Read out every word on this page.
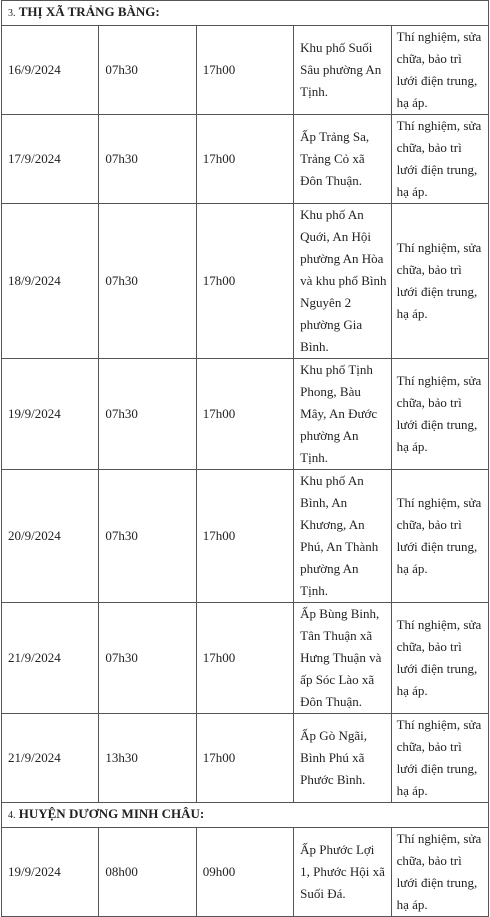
3. THỊ XÃ TRẢNG BÀNG:				
16/9/2024	07h30	17h00	Khu phố Suối Sâu phường An Tịnh.	Thí nghiệm, sửa chữa, bảo trì lưới điện trung, hạ áp.
17/9/2024	07h30	17h00	Ấp Trảng Sa, Trảng Cỏ xã Đôn Thuận.	Thí nghiệm, sửa chữa, bảo trì lưới điện trung, hạ áp.
18/9/2024	07h30	17h00	Khu phố An Quới, An Hội phường An Hòa và khu phố Bình Nguyên 2 phường Gia Bình.	Thí nghiệm, sửa chữa, bảo trì lưới điện trung, hạ áp.
19/9/2024	07h30	17h00	Khu phố Tịnh Phong, Bàu Mây, An Đước phường An Tịnh.	Thí nghiệm, sửa chữa, bảo trì lưới điện trung, hạ áp.
20/9/2024	07h30	17h00	Khu phố An Bình, An Khương, An Phú, An Thành phường An Tịnh.	Thí nghiệm, sửa chữa, bảo trì lưới điện trung, hạ áp.
21/9/2024	07h30	17h00	Ấp Bùng Binh, Tân Thuận xã Hưng Thuận và ấp Sóc Lào xã Đôn Thuận.	Thí nghiệm, sửa chữa, bảo trì lưới điện trung, hạ áp.
21/9/2024	13h30	17h00	Ấp Gò Ngãi, Bình Phú xã Phước Bình.	Thí nghiệm, sửa chữa, bảo trì lưới điện trung, hạ áp.
4. HUYỆN DƯƠNG MINH CHÂU:				
19/9/2024	08h00	09h00	Ấp Phước Lợi 1, Phước Hội xã Suối Đá.	Thí nghiệm, sửa chữa, bảo trì lưới điện trung, hạ áp.
